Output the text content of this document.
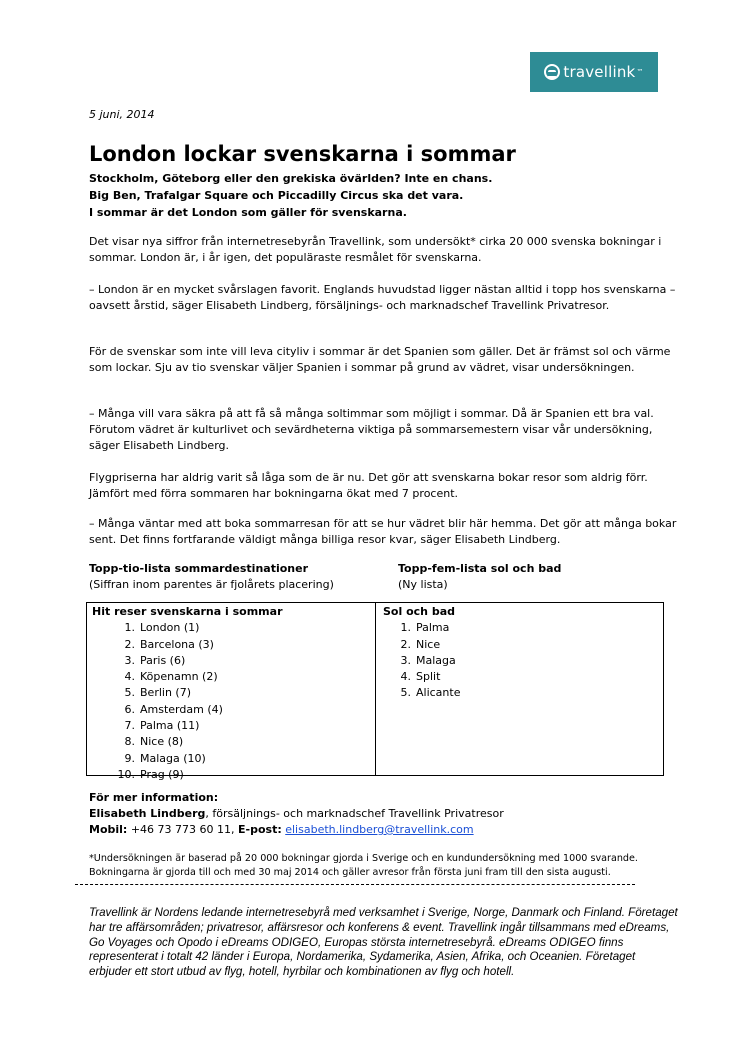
travellink ™
5 juni, 2014
London lockar svenskarna i sommar
Stockholm, Göteborg eller den grekiska övärlden? Inte en chans.
Big Ben, Trafalgar Square och Piccadilly Circus ska det vara.
I sommar är det London som gäller för svenskarna.

Det visar nya siffror från internetresebyrån Travellink, som undersökt* cirka 20 000 svenska bokningar i sommar. London är, i år igen, det populäraste resmålet för svenskarna.

– London är en mycket svårslagen favorit. Englands huvudstad ligger nästan alltid i topp hos svenskarna – oavsett årstid, säger Elisabeth Lindberg, försäljnings- och marknadschef Travellink Privatresor.

För de svenskar som inte vill leva cityliv i sommar är det Spanien som gäller. Det är främst sol och värme som lockar. Sju av tio svenskar väljer Spanien i sommar på grund av vädret, visar undersökningen.

– Många vill vara säkra på att få så många soltimmar som möjligt i sommar. Då är Spanien ett bra val. Förutom vädret är kulturlivet och sevärdheterna viktiga på sommarsemestern visar vår undersökning, säger Elisabeth Lindberg.

Flygpriserna har aldrig varit så låga som de är nu. Det gör att svenskarna bokar resor som aldrig förr. Jämfört med förra sommaren har bokningarna ökat med 7 procent.

– Många väntar med att boka sommarresan för att se hur vädret blir här hemma. Det gör att många bokar sent. Det finns fortfarande väldigt många billiga resor kvar, säger Elisabeth Lindberg.

Topp-tio-lista sommardestinationer
(Siffran inom parentes är fjolårets placering)
Topp-fem-lista sol och bad
(Ny lista)
Hit reser svenskarna i sommar
1. London (1)
2. Barcelona (3)
3. Paris (6)
4. Köpenamn (2)
5. Berlin (7)
6. Amsterdam (4)
7. Palma (11)
8. Nice (8)
9. Malaga (10)
10. Prag (9)
Sol och bad
1. Palma
2. Nice
3. Malaga
4. Split
5. Alicante
För mer information:
Elisabeth Lindberg, försäljnings- och marknadschef Travellink Privatresor
Mobil: +46 73 773 60 11, E-post: elisabeth.lindberg@travellink.com
*Undersökningen är baserad på 20 000 bokningar gjorda i Sverige och en kundundersökning med 1000 svarande. Bokningarna är gjorda till och med 30 maj 2014 och gäller avresor från första juni fram till den sista augusti.
Travellink är Nordens ledande internetresebyrå med verksamhet i Sverige, Norge, Danmark och Finland. Företaget har tre affärsområden; privatresor, affärsresor och konferens & event. Travellink ingår tillsammans med eDreams, Go Voyages och Opodo i eDreams ODIGEO, Europas största internetresebyrå. eDreams ODIGEO finns representerat i totalt 42 länder i Europa, Nordamerika, Sydamerika, Asien, Afrika, och Oceanien. Företaget erbjuder ett stort utbud av flyg, hotell, hyrbilar och kombinationen av flyg och hotell.
